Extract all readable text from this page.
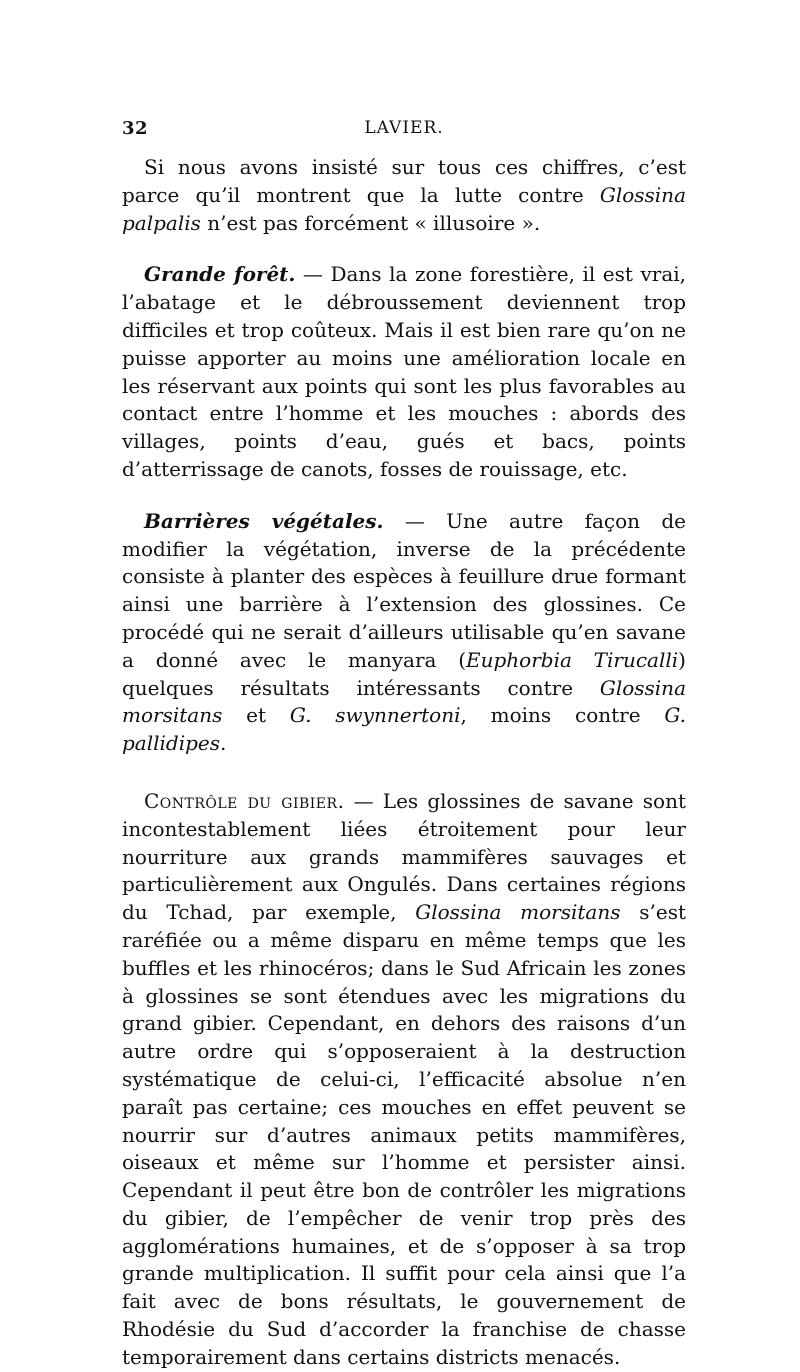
32	LAVIER.

Si nous avons insisté sur tous ces chiffres, c’est parce qu’il montrent que la lutte contre Glossina palpalis n’est pas forcément « illusoire ».

Grande forêt. — Dans la zone forestière, il est vrai, l’abatage et le débroussement deviennent trop difficiles et trop coûteux. Mais il est bien rare qu’on ne puisse apporter au moins une amélioration locale en les réservant aux points qui sont les plus favorables au contact entre l’homme et les mouches : abords des villages, points d’eau, gués et bacs, points d’atterrissage de canots, fosses de rouissage, etc.

Barrières végétales. — Une autre façon de modifier la végétation, inverse de la précédente consiste à planter des espèces à feuillure drue formant ainsi une barrière à l’extension des glossines. Ce procédé qui ne serait d’ailleurs utilisable qu’en savane a donné avec le manyara (Euphorbia Tirucalli) quelques résultats intéressants contre Glossina morsitans et G. swynnertoni, moins contre G. pallidipes.

Contrôle du gibier. — Les glossines de savane sont incontestablement liées étroitement pour leur nourriture aux grands mammifères sauvages et particulièrement aux Ongulés. Dans certaines régions du Tchad, par exemple, Glossina morsitans s’est raréfiée ou a même disparu en même temps que les buffles et les rhinocéros; dans le Sud Africain les zones à glossines se sont étendues avec les migrations du grand gibier. Cependant, en dehors des raisons d’un autre ordre qui s’opposeraient à la destruction systématique de celui-ci, l’efficacité absolue n’en paraît pas certaine; ces mouches en effet peuvent se nourrir sur d’autres animaux petits mammifères, oiseaux et même sur l’homme et persister ainsi. Cependant il peut être bon de contrôler les migrations du gibier, de l’empêcher de venir trop près des agglomérations humaines, et de s’opposer à sa trop grande multiplication. Il suffit pour cela ainsi que l’a fait avec de bons résultats, le gouvernement de Rhodésie du Sud d’accorder la franchise de chasse temporairement dans certains districts menacés.
